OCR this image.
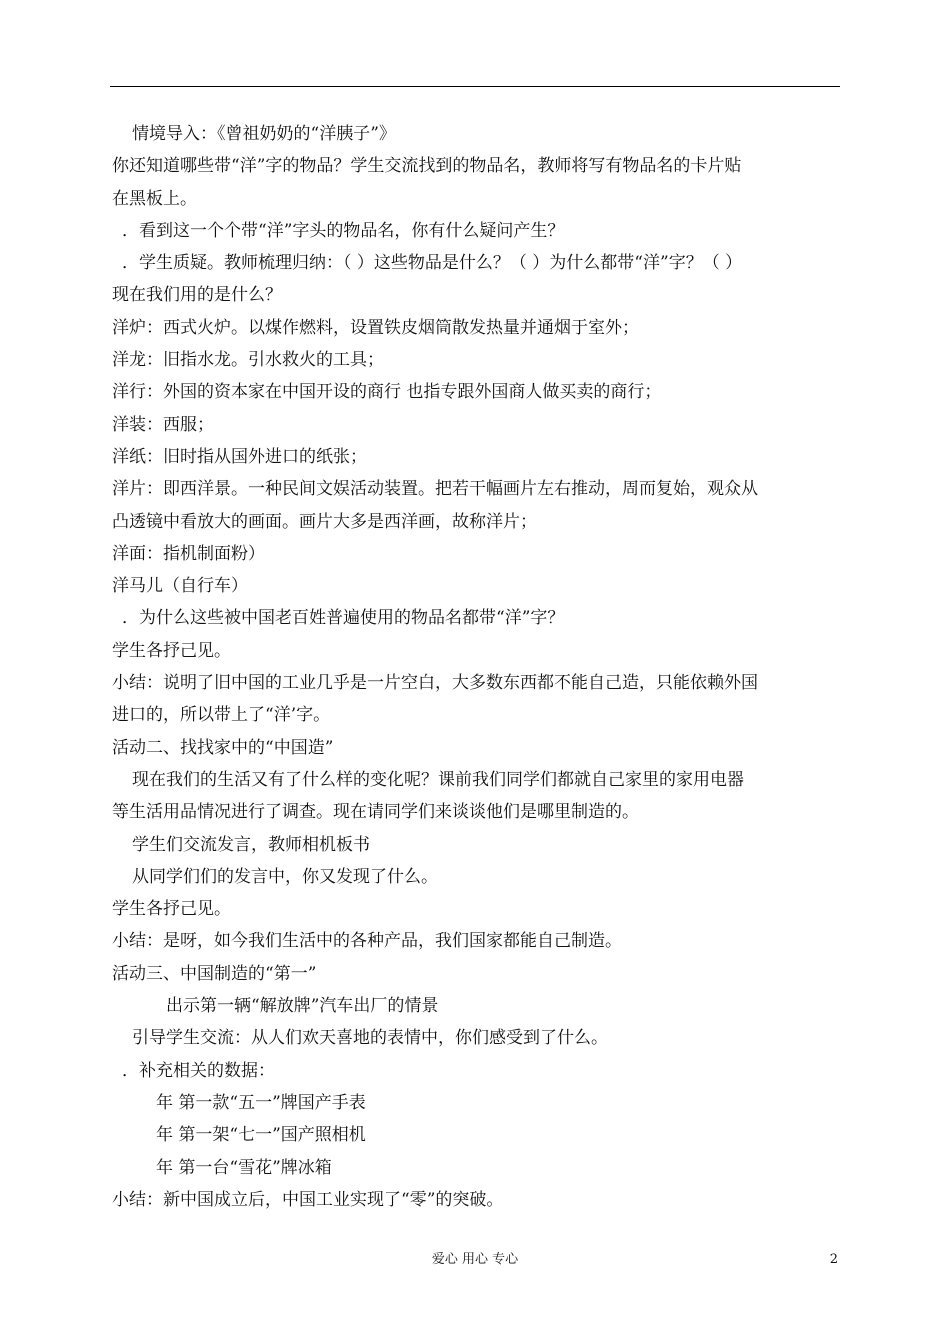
情境导入：《曾祖奶奶的“洋胰子”》
你还知道哪些带“洋”字的物品？学生交流找到的物品名，教师将写有物品名的卡片贴
在黑板上。
．看到这一个个带“洋”字头的物品名，你有什么疑问产生？
．学生质疑。教师梳理归纳：（ ）这些物品是什么？（ ）为什么都带“洋”字？（ ）
现在我们用的是什么？
洋炉：西式火炉。以煤作燃料，设置铁皮烟筒散发热量并通烟于室外；
洋龙：旧指水龙。引水救火的工具；
洋行：外国的资本家在中国开设的商行 也指专跟外国商人做买卖的商行；
洋装：西服；
洋纸：旧时指从国外进口的纸张；
洋片：即西洋景。一种民间文娱活动装置。把若干幅画片左右推动，周而复始，观众从
凸透镜中看放大的画面。画片大多是西洋画，故称洋片；
洋面：指机制面粉）
洋马儿（自行车）
．为什么这些被中国老百姓普遍使用的物品名都带“洋”字？
学生各抒己见。
小结：说明了旧中国的工业几乎是一片空白，大多数东西都不能自己造，只能依赖外国
进口的，所以带上了“洋’字。
活动二、找找家中的“中国造”
现在我们的生活又有了什么样的变化呢？课前我们同学们都就自己家里的家用电器
等生活用品情况进行了调查。现在请同学们来谈谈他们是哪里制造的。
学生们交流发言，教师相机板书
从同学们们的发言中，你又发现了什么。
学生各抒己见。
小结：是呀，如今我们生活中的各种产品，我们国家都能自己制造。
活动三、中国制造的“第一”
出示第一辆“解放牌”汽车出厂的情景
引导学生交流：从人们欢天喜地的表情中，你们感受到了什么。
．补充相关的数据：
年 第一款“五一”牌国产手表
年 第一架“七一”国产照相机
年 第一台“雪花”牌冰箱
小结：新中国成立后，中国工业实现了“零”的突破。
爱心 用心 专心	2
